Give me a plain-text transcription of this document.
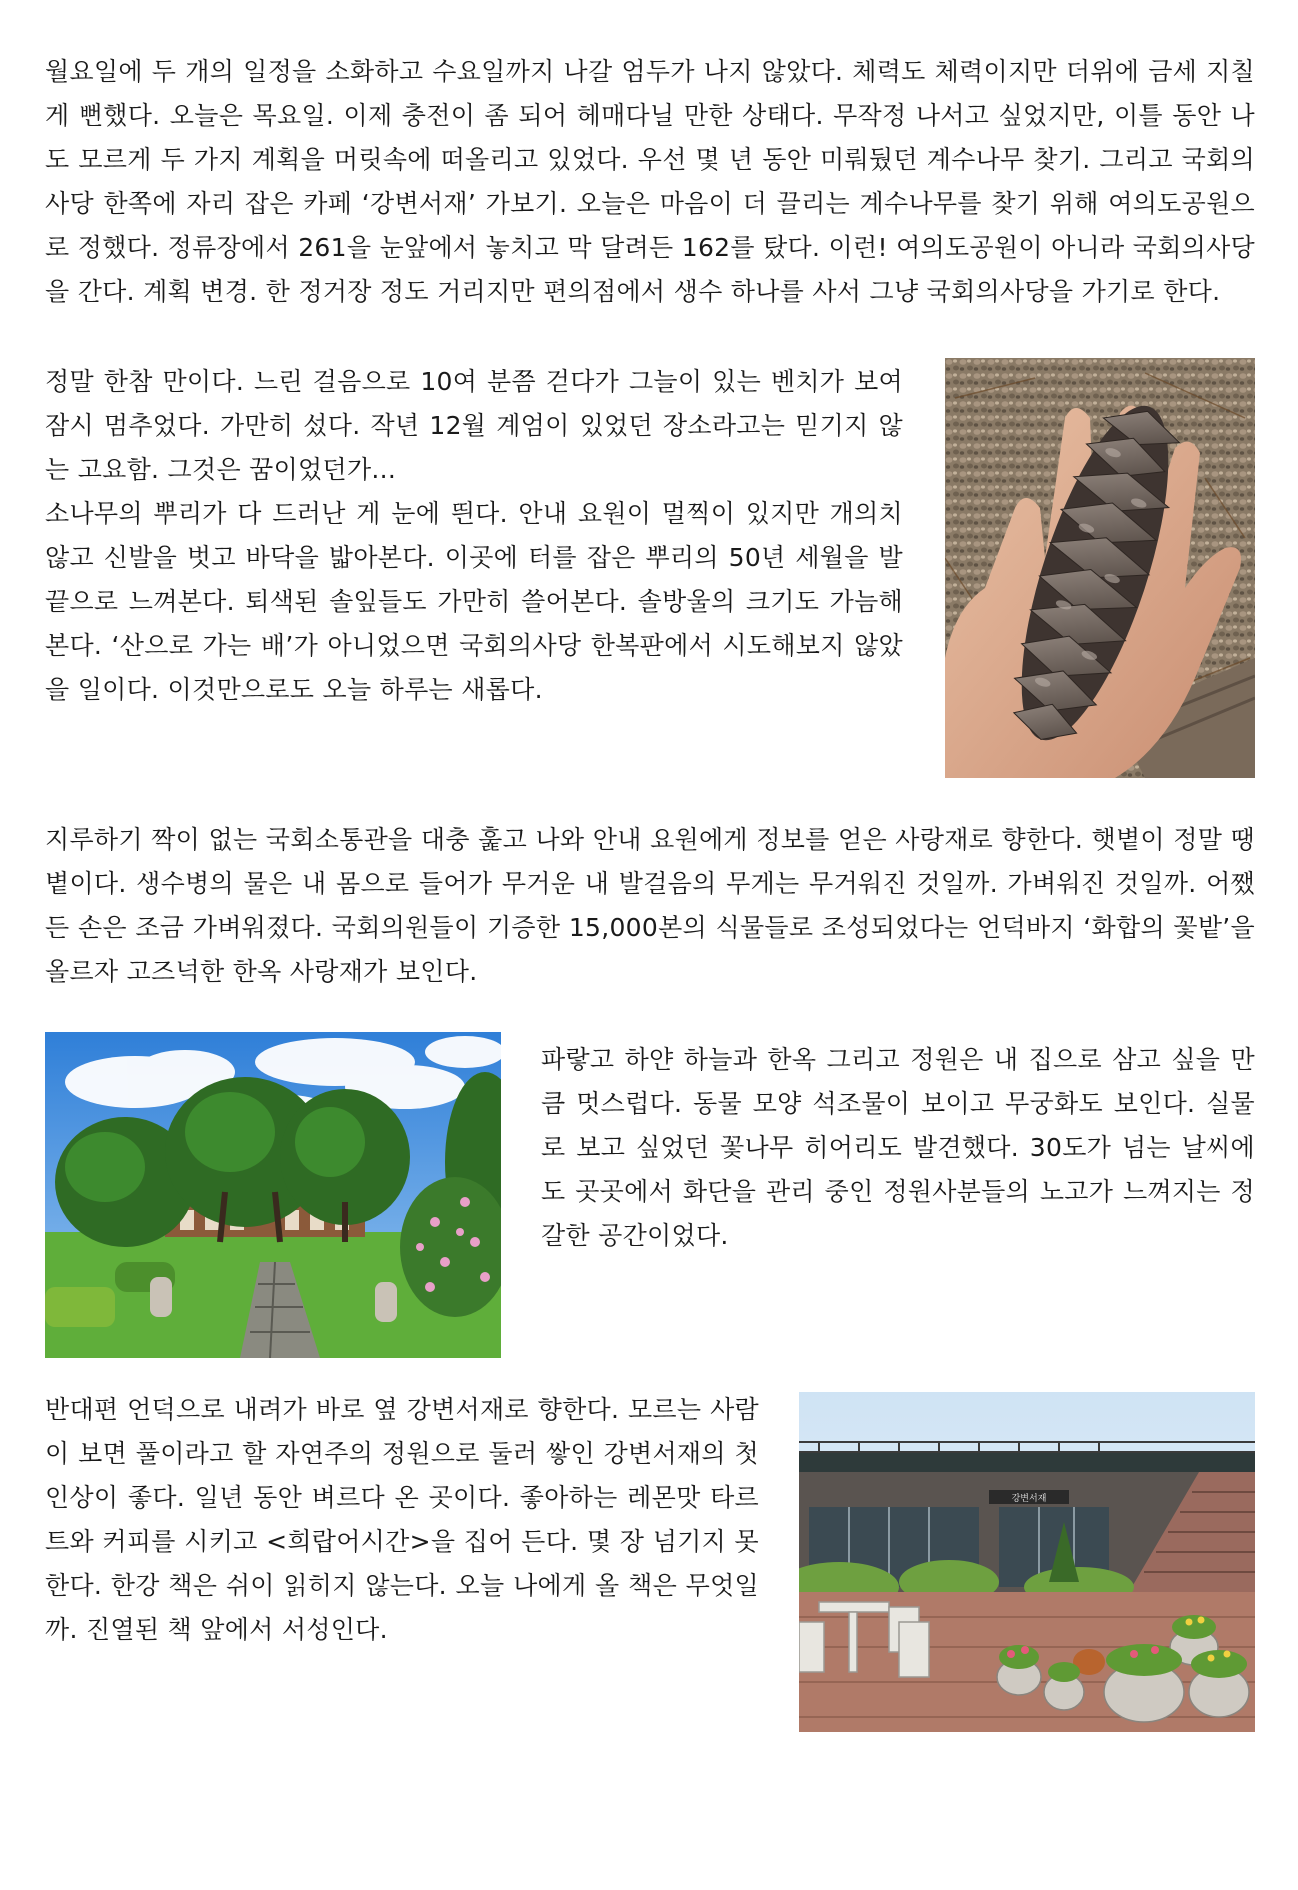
월요일에 두 개의 일정을 소화하고 수요일까지 나갈 엄두가 나지 않았다. 체력도 체력이지만 더위에 금세 지칠 게 뻔했다. 오늘은 목요일. 이제 충전이 좀 되어 헤매다닐 만한 상태다. 무작정 나서고 싶었지만, 이틀 동안 나도 모르게 두 가지 계획을 머릿속에 떠올리고 있었다. 우선 몇 년 동안 미뤄뒀던 계수나무 찾기. 그리고 국회의사당 한쪽에 자리 잡은 카페 ‘강변서재’ 가보기. 오늘은 마음이 더 끌리는 계수나무를 찾기 위해 여의도공원으로 정했다. 정류장에서 261을 눈앞에서 놓치고 막 달려든 162를 탔다. 이런! 여의도공원이 아니라 국회의사당을 간다. 계획 변경. 한 정거장 정도 거리지만 편의점에서 생수 하나를 사서 그냥 국회의사당을 가기로 한다.

정말 한참 만이다. 느린 걸음으로 10여 분쯤 걷다가 그늘이 있는 벤치가 보여 잠시 멈추었다. 가만히 섰다. 작년 12월 계엄이 있었던 장소라고는 믿기지 않는 고요함. 그것은 꿈이었던가...

소나무의 뿌리가 다 드러난 게 눈에 띈다. 안내 요원이 멀찍이 있지만 개의치 않고 신발을 벗고 바닥을 밟아본다. 이곳에 터를 잡은 뿌리의 50년 세월을 발끝으로 느껴본다. 퇴색된 솔잎들도 가만히 쓸어본다. 솔방울의 크기도 가늠해 본다. ‘산으로 가는 배’가 아니었으면 국회의사당 한복판에서 시도해보지 않았을 일이다. 이것만으로도 오늘 하루는 새롭다.

지루하기 짝이 없는 국회소통관을 대충 훑고 나와 안내 요원에게 정보를 얻은 사랑재로 향한다. 햇볕이 정말 땡볕이다. 생수병의 물은 내 몸으로 들어가 무거운 내 발걸음의 무게는 무거워진 것일까. 가벼워진 것일까. 어쨌든 손은 조금 가벼워졌다. 국회의원들이 기증한 15,000본의 식물들로 조성되었다는 언덕바지 ‘화합의 꽃밭’을 올르자 고즈넉한 한옥 사랑재가 보인다.
파랗고 하얀 하늘과 한옥 그리고 정원은 내 집으로 삼고 싶을 만큼 멋스럽다. 동물 모양 석조물이 보이고 무궁화도 보인다. 실물로 보고 싶었던 꽃나무 히어리도 발견했다. 30도가 넘는 날씨에도 곳곳에서 화단을 관리 중인 정원사분들의 노고가 느껴지는 정갈한 공간이었다.
반대편 언덕으로 내려가 바로 옆 강변서재로 향한다. 모르는 사람이 보면 풀이라고 할 자연주의 정원으로 둘러 쌓인 강변서재의 첫인상이 좋다. 일년 동안 벼르다 온 곳이다. 좋아하는 레몬맛 타르트와 커피를 시키고 <희랍어시간>을 집어 든다. 몇 장 넘기지 못한다. 한강 책은 쉬이 읽히지 않는다. 오늘 나에게 올 책은 무엇일까. 진열된 책 앞에서 서성인다.
강변서재
